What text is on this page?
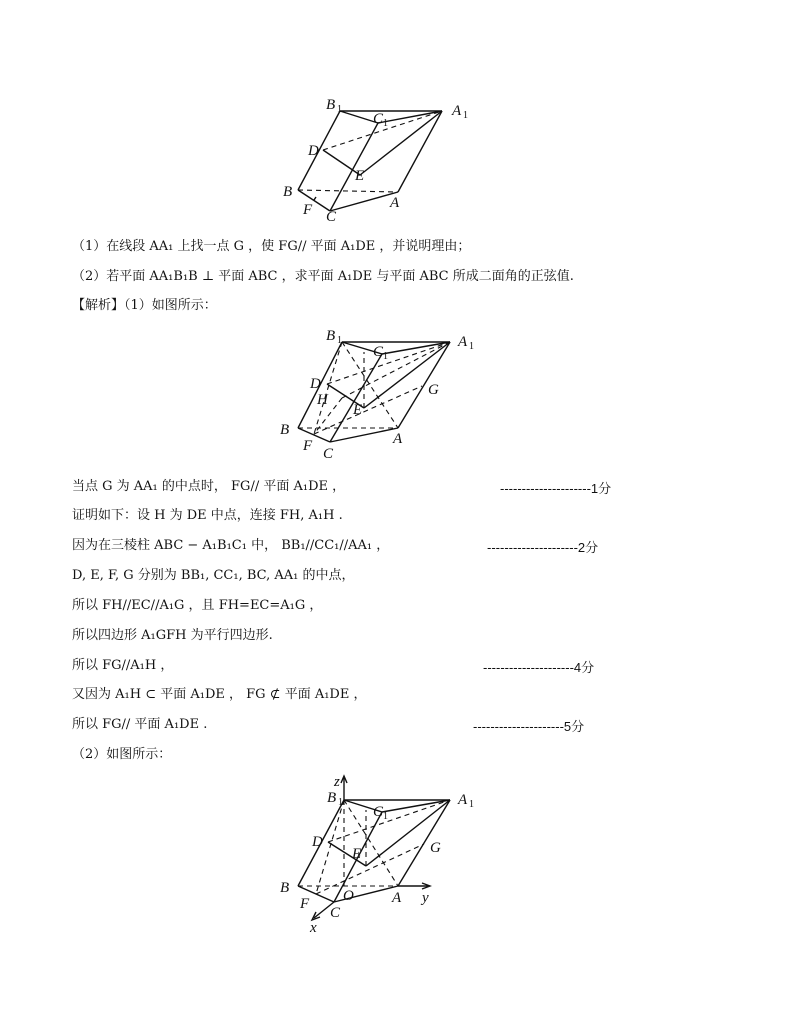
B 1
C 1
A 1
D
E
B
A
F C
（1）在线段 AA₁ 上找一点 G ，使 FG// 平面 A₁DE ，并说明理由；
（2）若平面 AA₁B₁B ⊥ 平面 ABC ，求平面 A₁DE 与平面 ABC 所成二面角的正弦值.
【解析】（1）如图所示：
B 1
C 1
A 1
D
H
E
G
B
A
F C
当点 G 为 AA₁ 的中点时， FG// 平面 A₁DE ，	---------------------1分
证明如下：设 H 为 DE 中点，连接 FH, A₁H .
因为在三棱柱 ABC − A₁B₁C₁ 中， BB₁//CC₁//AA₁ ，	---------------------2分
D, E, F, G 分别为 BB₁, CC₁, BC, AA₁ 的中点，
所以 FH//EC//A₁G ，且 FH=EC=A₁G ，
所以四边形 A₁GFH 为平行四边形.
所以 FG//A₁H ，	---------------------4分
又因为 A₁H ⊂ 平面 A₁DE ， FG ⊄ 平面 A₁DE ，
所以 FG// 平面 A₁DE .	---------------------5分
（2）如图所示：
z
B 1
C 1
A 1
D
E	G
B	O	A y
F
C
x
